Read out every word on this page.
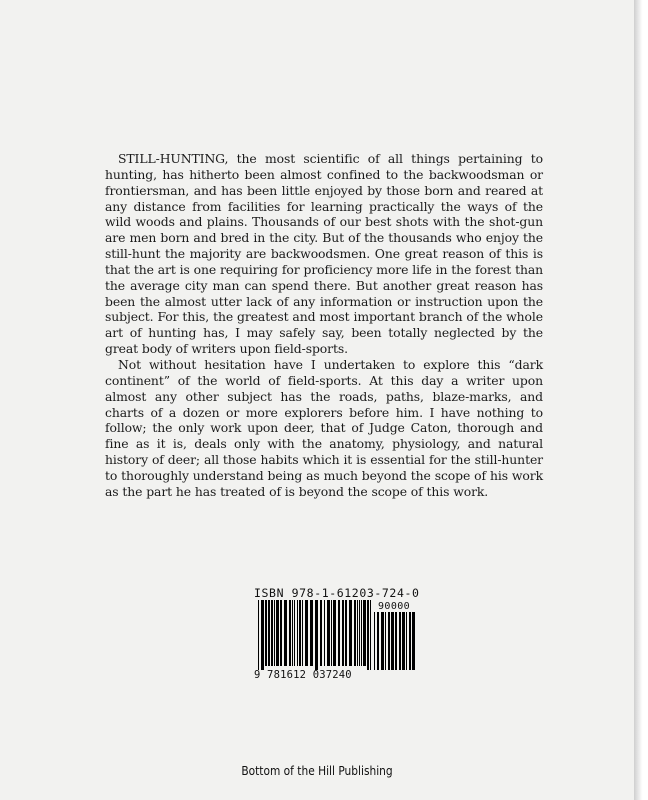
STILL-HUNTING, the most scientific of all things pertaining to hunting, has hitherto been almost confined to the backwoodsman or frontiersman, and has been little enjoyed by those born and reared at any distance from facilities for learning practically the ways of the wild woods and plains. Thousands of our best shots with the shot-gun are men born and bred in the city. But of the thousands who enjoy the still-hunt the majority are backwoodsmen. One great reason of this is that the art is one requiring for proficiency more life in the forest than the average city man can spend there. But another great reason has been the almost utter lack of any information or instruction upon the subject. For this, the greatest and most important branch of the whole art of hunting has, I may safely say, been totally neglected by the great body of writers upon field-sports.

Not without hesitation have I undertaken to explore this “dark continent” of the world of field-sports. At this day a writer upon almost any other subject has the roads, paths, blaze-marks, and charts of a dozen or more explorers before him. I have nothing to follow; the only work upon deer, that of Judge Caton, thorough and fine as it is, deals only with the anatomy, physiology, and natural history of deer; all those habits which it is essential for the still-hunter to thoroughly understand being as much beyond the scope of his work as the part he has treated of is beyond the scope of this work.

ISBN 978-1-61203-724-0
90000
9 781612 037240
Bottom of the Hill Publishing
